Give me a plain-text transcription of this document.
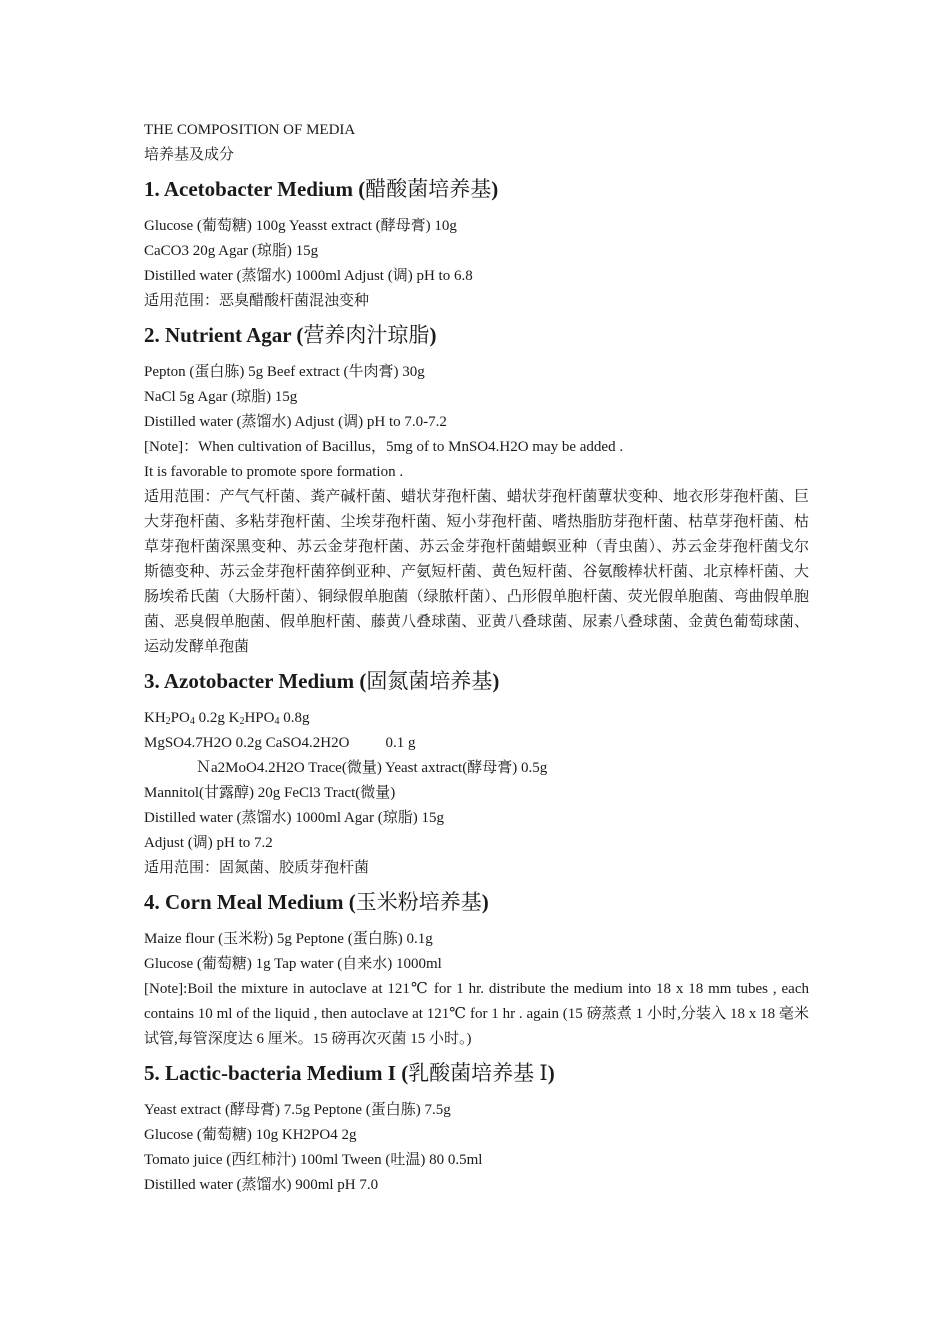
THE COMPOSITION OF MEDIA
培养基及成分
1. Acetobacter Medium (醋酸菌培养基)
Glucose (葡萄糖) 100g Yeasst extract (酵母膏) 10g
CaCO3 20g Agar (琼脂) 15g
Distilled water (蒸馏水) 1000ml Adjust (调) pH to 6.8
适用范围：恶臭醋酸杆菌混浊变种
2. Nutrient Agar (营养肉汁琼脂)
Pepton (蛋白胨) 5g Beef extract (牛肉膏) 30g
NaCl 5g Agar (琼脂) 15g
Distilled water (蒸馏水) Adjust (调) pH to 7.0-7.2
[Note]：When cultivation of Bacillus，5mg of to MnSO4.H2O may be added .
It is favorable to promote spore formation .
适用范围：产气气杆菌、粪产碱杆菌、蜡状芽孢杆菌、蜡状芽孢杆菌蕈状变种、地衣形芽孢杆菌、巨大芽孢杆菌、多粘芽孢杆菌、尘埃芽孢杆菌、短小芽孢杆菌、嗜热脂肪芽孢杆菌、枯草芽孢杆菌、枯草芽孢杆菌深黑变种、苏云金芽孢杆菌、苏云金芽孢杆菌蜡螟亚种（青虫菌）、苏云金芽孢杆菌戈尔斯德变种、苏云金芽孢杆菌猝倒亚种、产氨短杆菌、黄色短杆菌、谷氨酸棒状杆菌、北京棒杆菌、大肠埃希氏菌（大肠杆菌）、铜绿假单胞菌（绿脓杆菌）、凸形假单胞杆菌、荧光假单胞菌、弯曲假单胞菌、恶臭假单胞菌、假单胞杆菌、藤黄八叠球菌、亚黄八叠球菌、尿素八叠球菌、金黄色葡萄球菌、运动发酵单孢菌
3. Azotobacter Medium (固氮菌培养基)
$KH_2PO_4$ 0.2g $K_2HPO_4$ 0.8g
MgSO4.7H2O 0.2g CaSO4.2H2O 0.1 g
Ｎa2MoO4.2H2O Trace(微量) Yeast axtract(酵母膏) 0.5g
Mannitol(甘露醇) 20g FeCl3 Tract(微量)
Distilled water (蒸馏水) 1000ml Agar (琼脂) 15g
Adjust (调) pH to 7.2
适用范围：固氮菌、胶质芽孢杆菌
4. Corn Meal Medium (玉米粉培养基)
Maize flour (玉米粉) 5g Peptone (蛋白胨) 0.1g
Glucose (葡萄糖) 1g Tap water (自来水) 1000ml
[Note]:Boil the mixture in autoclave at 121℃ for 1 hr. distribute the medium into 18 x 18 mm tubes , each contains 10 ml of the liquid , then autoclave at 121℃ for 1 hr . again (15 磅蒸煮 1 小时,分装入 18 x 18 毫米试管,每管深度达 6 厘米。15 磅再次灭菌 15 小时。)
5. Lactic-bacteria Medium I (乳酸菌培养基 Ⅰ)
Yeast extract (酵母膏) 7.5g Peptone (蛋白胨) 7.5g
Glucose (葡萄糖) 10g KH2PO4 2g
Tomato juice (西红柿汁) 100ml Tween (吐温) 80 0.5ml
Distilled water (蒸馏水) 900ml pH 7.0
